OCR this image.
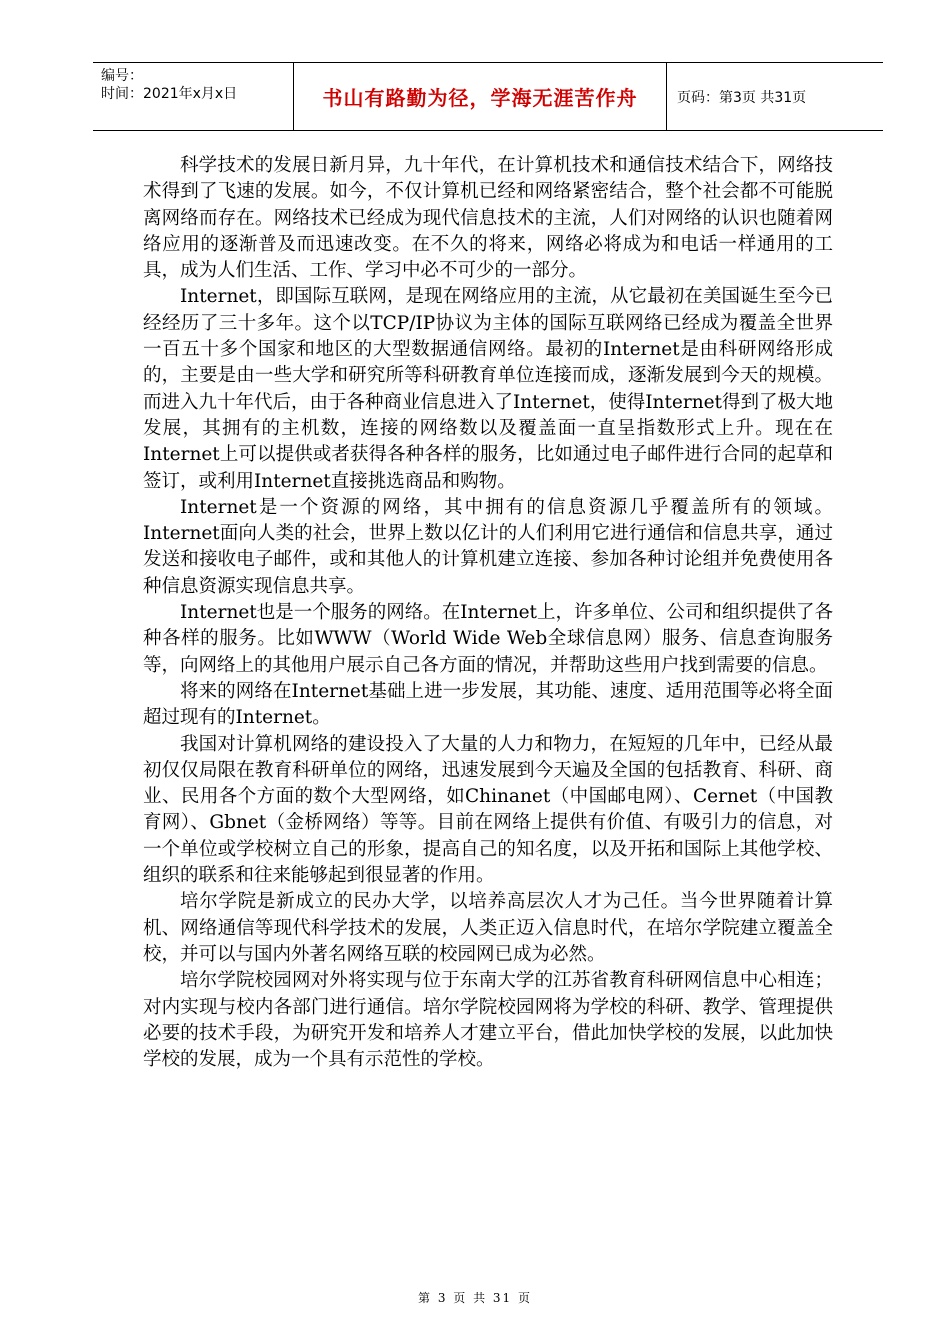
编号：
时间：2021年x月x日	书山有路勤为径，学海无涯苦作舟	页码：第3页 共31页

科学技术的发展日新月异，九十年代，在计算机技术和通信技术结合下，网络技术得到了飞速的发展。如今，不仅计算机已经和网络紧密结合，整个社会都不可能脱离网络而存在。网络技术已经成为现代信息技术的主流，人们对网络的认识也随着网络应用的逐渐普及而迅速改变。在不久的将来，网络必将成为和电话一样通用的工具，成为人们生活、工作、学习中必不可少的一部分。

Internet，即国际互联网，是现在网络应用的主流，从它最初在美国诞生至今已经经历了三十多年。这个以TCP/IP协议为主体的国际互联网络已经成为覆盖全世界一百五十多个国家和地区的大型数据通信网络。最初的Internet是由科研网络形成的，主要是由一些大学和研究所等科研教育单位连接而成，逐渐发展到今天的规模。而进入九十年代后，由于各种商业信息进入了Internet，使得Internet得到了极大地发展，其拥有的主机数，连接的网络数以及覆盖面一直呈指数形式上升。现在在Internet上可以提供或者获得各种各样的服务，比如通过电子邮件进行合同的起草和签订，或利用Internet直接挑选商品和购物。

Internet是一个资源的网络，其中拥有的信息资源几乎覆盖所有的领域。Internet面向人类的社会，世界上数以亿计的人们利用它进行通信和信息共享，通过发送和接收电子邮件，或和其他人的计算机建立连接、参加各种讨论组并免费使用各种信息资源实现信息共享。

Internet也是一个服务的网络。在Internet上，许多单位、公司和组织提供了各种各样的服务。比如WWW（World Wide Web全球信息网）服务、信息查询服务等，向网络上的其他用户展示自己各方面的情况，并帮助这些用户找到需要的信息。

将来的网络在Internet基础上进一步发展，其功能、速度、适用范围等必将全面超过现有的Internet。

我国对计算机网络的建设投入了大量的人力和物力，在短短的几年中，已经从最初仅仅局限在教育科研单位的网络，迅速发展到今天遍及全国的包括教育、科研、商业、民用各个方面的数个大型网络，如Chinanet（中国邮电网）、Cernet（中国教育网）、Gbnet（金桥网络）等等。目前在网络上提供有价值、有吸引力的信息，对一个单位或学校树立自己的形象，提高自己的知名度，以及开拓和国际上其他学校、组织的联系和往来能够起到很显著的作用。

培尔学院是新成立的民办大学，以培养高层次人才为己任。当今世界随着计算机、网络通信等现代科学技术的发展，人类正迈入信息时代，在培尔学院建立覆盖全校，并可以与国内外著名网络互联的校园网已成为必然。

培尔学院校园网对外将实现与位于东南大学的江苏省教育科研网信息中心相连；对内实现与校内各部门进行通信。培尔学院校园网将为学校的科研、教学、管理提供必要的技术手段，为研究开发和培养人才建立平台，借此加快学校的发展，以此加快学校的发展，成为一个具有示范性的学校。

第 3 页 共 31 页
